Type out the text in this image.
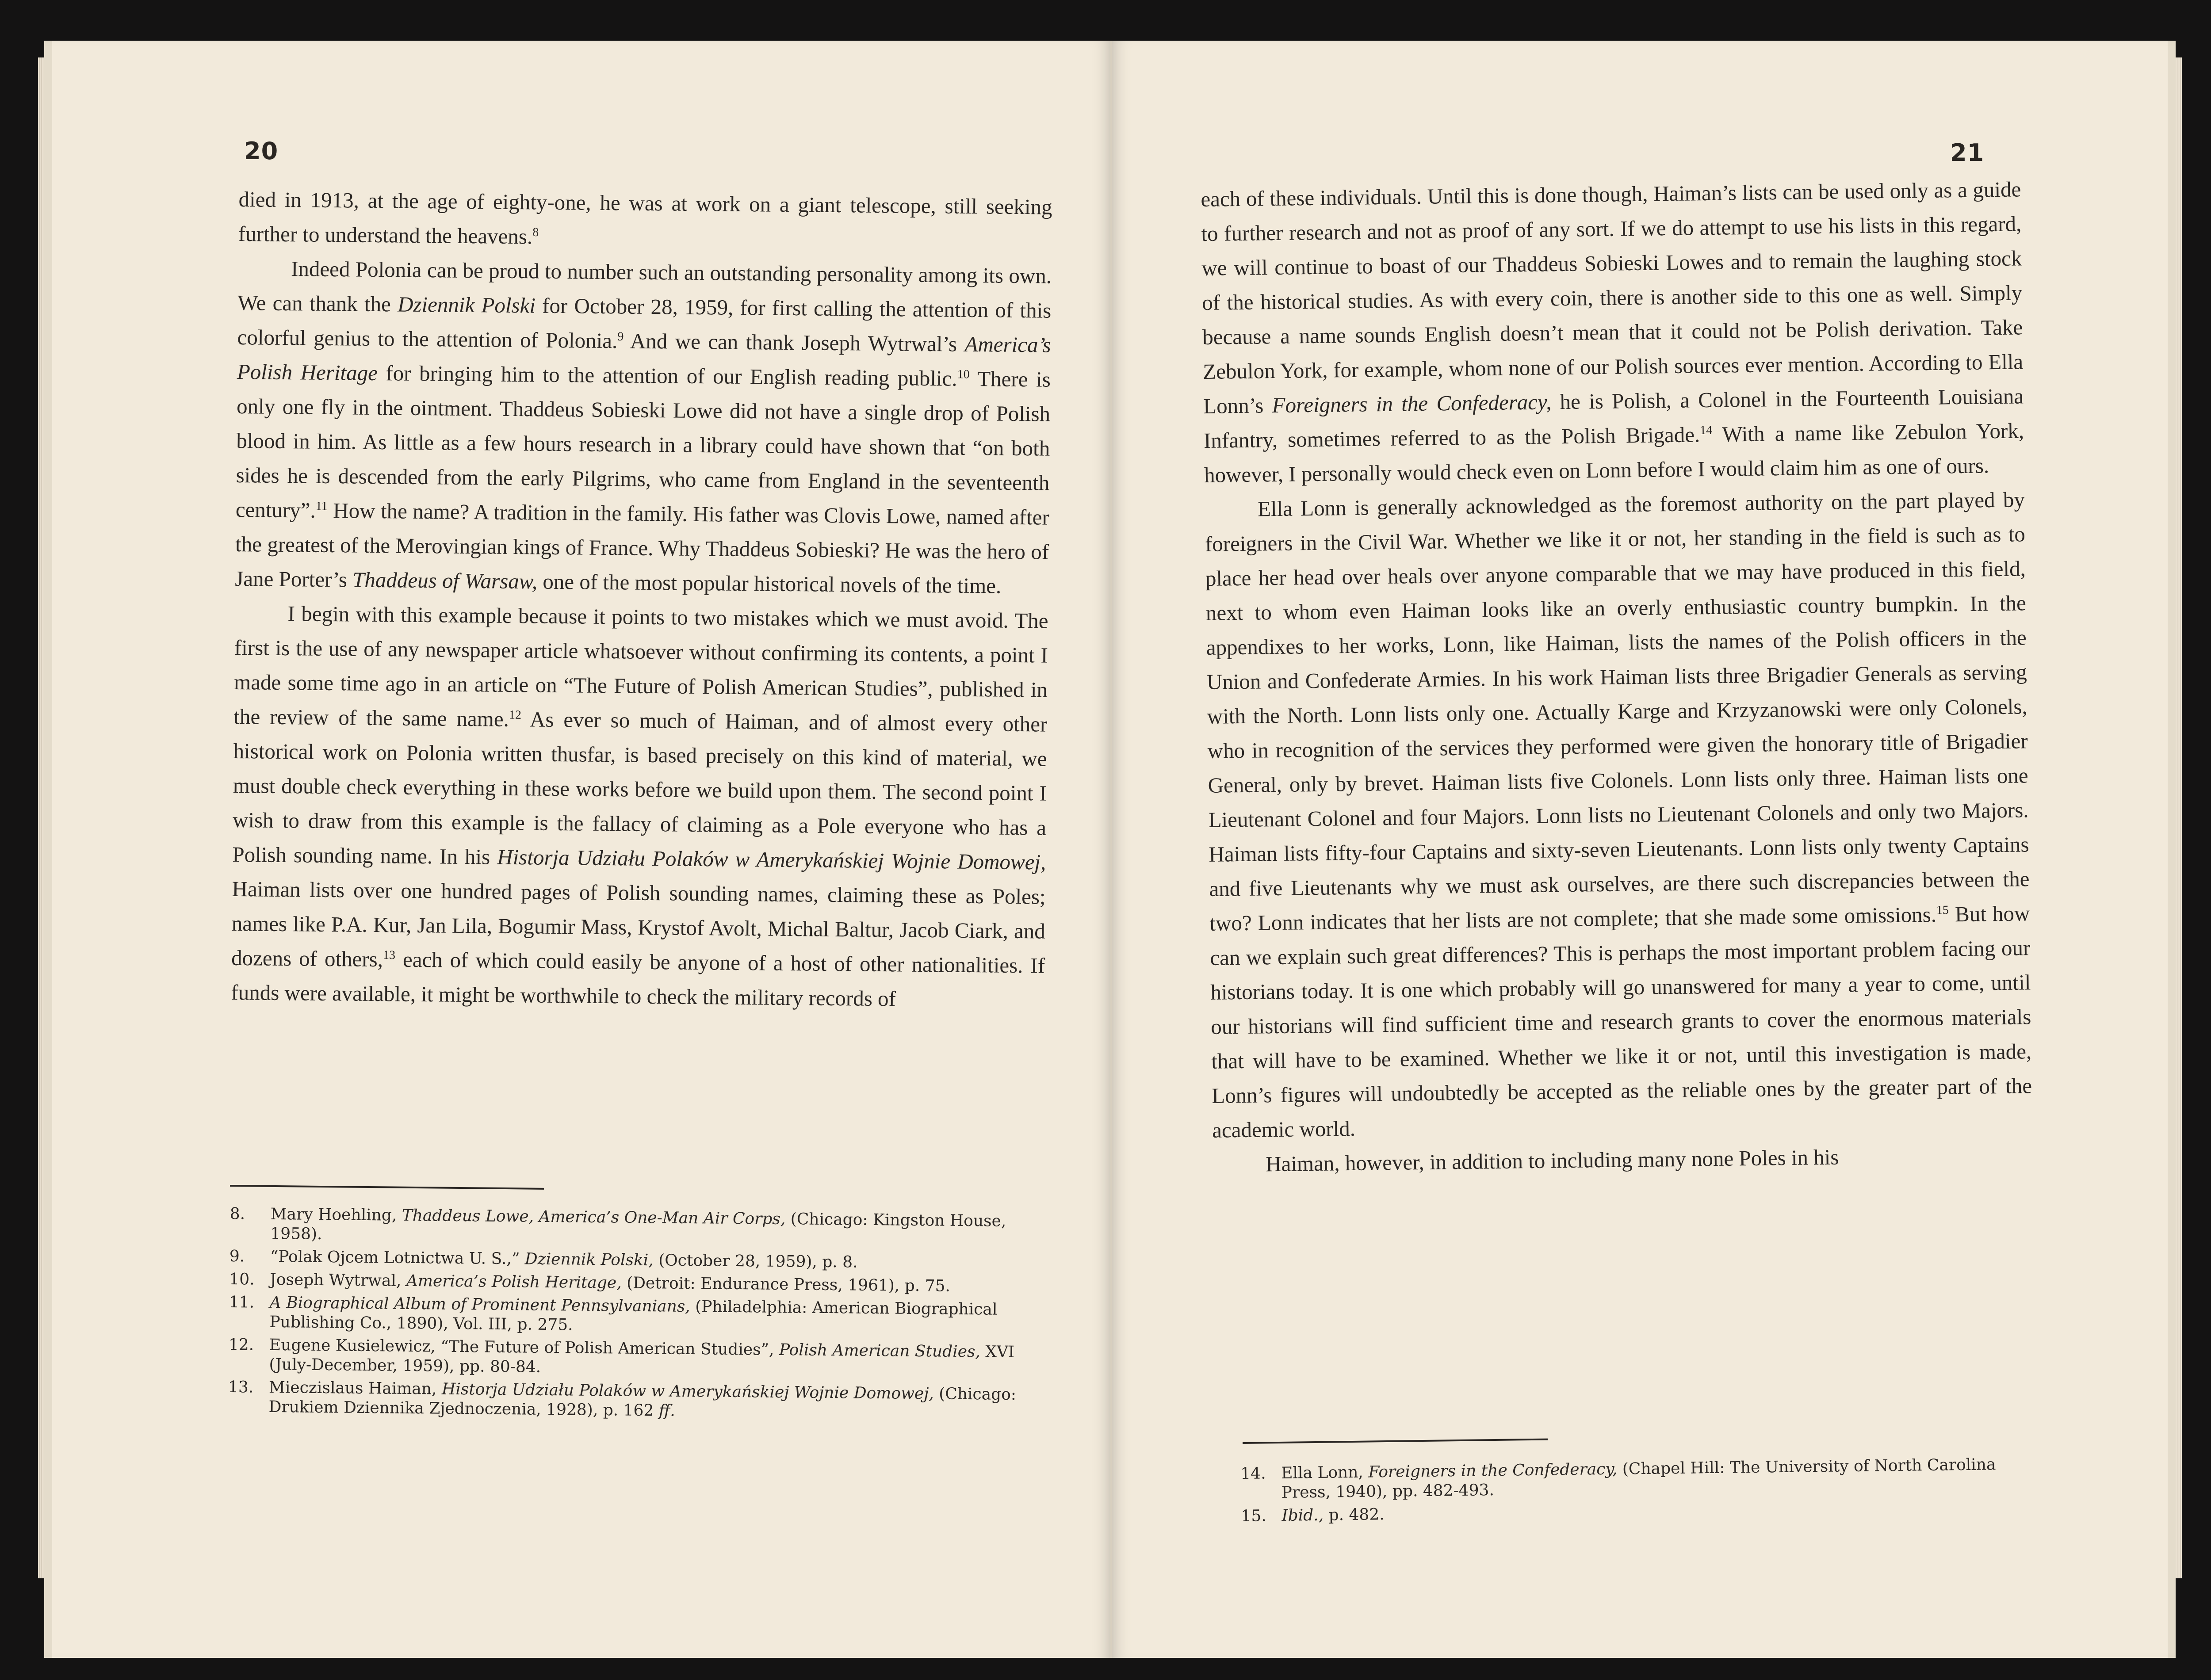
20

died in 1913, at the age of eighty-one, he was at work on a giant telescope, still seeking further to understand the heavens.$^8$

Indeed Polonia can be proud to number such an outstanding personality among its own. We can thank the Dziennik Polski for October 28, 1959, for first calling the attention of this colorful genius to the attention of Polonia.$^9$ And we can thank Joseph Wytrwal’s America’s Polish Heritage for bringing him to the attention of our English reading public.$^{10}$ There is only one fly in the ointment. Thaddeus Sobieski Lowe did not have a single drop of Polish blood in him. As little as a few hours research in a library could have shown that “on both sides he is descended from the early Pilgrims, who came from England in the seventeenth century”.$^{11}$ How the name? A tradition in the family. His father was Clovis Lowe, named after the greatest of the Merovingian kings of France. Why Thaddeus Sobieski? He was the hero of Jane Porter’s Thaddeus of Warsaw, one of the most popular historical novels of the time.

I begin with this example because it points to two mistakes which we must avoid. The first is the use of any newspaper article whatsoever without confirming its contents, a point I made some time ago in an article on “The Future of Polish American Studies”, published in the review of the same name.$^{12}$ As ever so much of Haiman, and of almost every other historical work on Polonia written thusfar, is based precisely on this kind of material, we must double check everything in these works before we build upon them. The second point I wish to draw from this example is the fallacy of claiming as a Pole everyone who has a Polish sounding name. In his Historja Udziału Polaków w Amerykańskiej Wojnie Domowej, Haiman lists over one hundred pages of Polish sounding names, claiming these as Poles; names like P.A. Kur, Jan Lila, Bogumir Mass, Krystof Avolt, Michal Baltur, Jacob Ciark, and dozens of others,$^{13}$ each of which could easily be anyone of a host of other nationalities. If funds were available, it might be worthwhile to check the military records of

8. Mary Hoehling, Thaddeus Lowe, America’s One-Man Air Corps, (Chicago: Kingston House, 1958).
9. “Polak Ojcem Lotnictwa U. S.,” Dziennik Polski, (October 28, 1959), p. 8.
10. Joseph Wytrwal, America’s Polish Heritage, (Detroit: Endurance Press, 1961), p. 75.
11. A Biographical Album of Prominent Pennsylvanians, (Philadelphia: American Biographical Publishing Co., 1890), Vol. III, p. 275.
12. Eugene Kusielewicz, “The Future of Polish American Studies”, Polish American Studies, XVI (July-December, 1959), pp. 80-84.
13. Mieczislaus Haiman, Historja Udziału Polaków w Amerykańskiej Wojnie Domowej, (Chicago: Drukiem Dziennika Zjednoczenia, 1928), p. 162 ff.
21

each of these individuals. Until this is done though, Haiman’s lists can be used only as a guide to further research and not as proof of any sort. If we do attempt to use his lists in this regard, we will continue to boast of our Thaddeus Sobieski Lowes and to remain the laughing stock of the historical studies. As with every coin, there is another side to this one as well. Simply because a name sounds English doesn’t mean that it could not be Polish derivation. Take Zebulon York, for example, whom none of our Polish sources ever mention. According to Ella Lonn’s Foreigners in the Confederacy, he is Polish, a Colonel in the Fourteenth Louisiana Infantry, sometimes referred to as the Polish Brigade.$^{14}$ With a name like Zebulon York, however, I personally would check even on Lonn before I would claim him as one of ours.

Ella Lonn is generally acknowledged as the foremost authority on the part played by foreigners in the Civil War. Whether we like it or not, her standing in the field is such as to place her head over heals over anyone comparable that we may have produced in this field, next to whom even Haiman looks like an overly enthusiastic country bumpkin. In the appendixes to her works, Lonn, like Haiman, lists the names of the Polish officers in the Union and Confederate Armies. In his work Haiman lists three Brigadier Generals as serving with the North. Lonn lists only one. Actually Karge and Krzyzanowski were only Colonels, who in recognition of the services they performed were given the honorary title of Brigadier General, only by brevet. Haiman lists five Colonels. Lonn lists only three. Haiman lists one Lieutenant Colonel and four Majors. Lonn lists no Lieutenant Colonels and only two Majors. Haiman lists fifty-four Captains and sixty-seven Lieutenants. Lonn lists only twenty Captains and five Lieutenants why we must ask ourselves, are there such discrepancies between the two? Lonn indicates that her lists are not complete; that she made some omissions.$^{15}$ But how can we explain such great differences? This is perhaps the most important problem facing our historians today. It is one which probably will go unanswered for many a year to come, until our historians will find sufficient time and research grants to cover the enormous materials that will have to be examined. Whether we like it or not, until this investigation is made, Lonn’s figures will undoubtedly be accepted as the reliable ones by the greater part of the academic world.

Haiman, however, in addition to including many none Poles in his

14. Ella Lonn, Foreigners in the Confederacy, (Chapel Hill: The University of North Carolina Press, 1940), pp. 482-493.
15. Ibid., p. 482.
